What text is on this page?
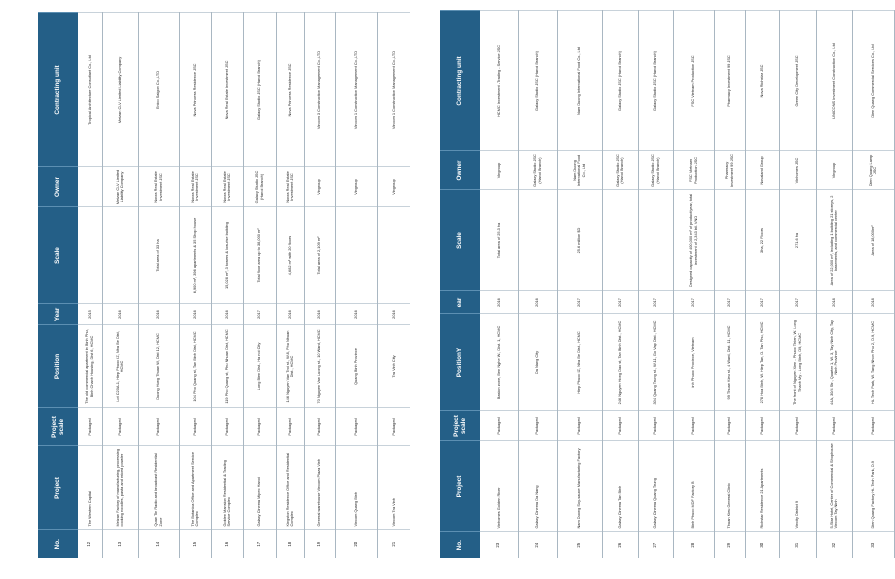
No.	Project	Project scale	Position	Year	Scale	Owner	Contracting unit
12	The Western Capital	Packaged	The old commercial apartment in Binh Phu, Binh Chanh Housing, Dist 6, HCMC	2015			Tropical Architecture Consultant Co., Ltd
13	Meizan Factory of manufacturing, processing cooking noodles, pasta and mixed powder	Packaged	Lot C20A-1, Hiep Phuoc IZ, Nha Be Dist, HCMC	2016		Meizan CLV Limited Liability Company	Meizan CLV Limited Liability Company
14	Quan Tin Radio and broadcast Residential Zone	Packaged	Duong Hung Thuan W, Dist 12, HCMC	2016	Total area of 33 ha	Novra Real Estate Investment JSC	Enico Saigon Co.,LTD
15	The Botanica Office and Apartment Service Complex	Packaged	104 Pho Quang st, Tan Binh Dist, HCMC	2016	6,900 m², 396 apartments & 35 Shop house	Novra Real Estate Investment JSC	Nova Princess Residence JSC
16	Golden Mansion Residential & Trading Service Complex	Packaged	119 Pho Quang st, Phu Nhuan Dist, HCMC	2016	15,028 m², 3 towers & low-rise building	Novra Real Estate Investment JSC	Nova Real Estate Investment JSC
17	Galaxy Cinema Mipec Hanoi	Packaged	Long Bien Dist., Ha noi City	2017	Total floor area up to 38,000 m²	Galaxy Studio JSC (Hanoi Branch)	Galaxy Studio JSC (Hanoi Branch)
18	Kingston Residence Office and Residential Complex	Packaged	146 Nguyen Van Troi st., W.8, Phu Nhuan Dist., HCMC	2016	4,682 m² with 20 floors	Novra Real Estate Investment JSC	Nova Princess Residence JSC
19	General warehouse Vincom Plaza Vinh	Packaged	70 Nguyen Van Luong st., 10 Ward, HCMC	2016	Total area of 2,109 m²	Vingroup	Vincom 3 Construction Management Co.,LTD
20	Vincom Quang Binh	Packaged	Quang Binh Province	2016		Vingroup	Vincom 1 Construction Management Co.,LTD
21	Vincom Tra Vinh	Packaged	Tra Vinh City	2016		Vingroup	Vincom 1 Construction Management Co.,LTD

No.	Project	Project scale	PositionY	ear	Scale	Owner	Contracting unit
23	Vinhomes Golden River	Packaged	Basion zone, Ben Nghe W., Dist. 1, HCMC	2016	Total area of 25.3 ha	Vingroup	HCMC Investment -Trading - Service JSC
24	Galaxy Cinema Da Nang	Packaged	Da Nang City	2016		Galaxy Studio JSC (Hanoi Branch)	Galaxy Studio JSC (Hanoi Branch)
25	Nam Duong Soy-sauce Manufacturing Factory	Packaged	Hiep Phuoc IZ, Nha Be Dist., HCMC	2017	25.6 million $D	Nam Duong International Food Co., Ltd	Nam Duong International Food Co., Ltd
26	Galaxy Cinema Tan Binh	Packaged	246 Nguyen Hong Dao st, Tan Binh Dist., HCMC	2017		Galaxy Studio JSC (Hanoi Branch)	Galaxy Studio JSC (Hanoi Branch)
27	Galaxy Cinema Quang Trung	Packaged	304 Quang Trung st., W.11, Go Vap Dist., HCMC	2017		Galaxy Studio JSC (Hanoi Branch)	Galaxy Studio JSC (Hanoi Branch)
28	Binh Phuoc MDF Factory B	Packaged	inh Phuoc Province, Vietnam	2017	Designed capacity of 400,000 m² of product/year, total investment of 2,343 bil. VND	FSC Vietnam Production JSC	FSC Vietnam Production JSC
29	Thuan Kieu General Clinic	Packaged	99 Thuan Kieu st., 4 Ward, Dist. 11, HCMC	2017		Pharmacy Investment 99 JSC	Pharmacy Investment 99 JSC
30	Richstar Residence 21 Apartments	Packaged	278 Hoa Binh, W. Hiep Tan, D. Tan Phu, HCMC	2017	3ha, 22 Floors	Novaland Group	Nova Richstar JSC
31	Vincity District 9	Packaged	The front of Nguyen Xien - Phuoc Thien, W. Long Thanh My - Long Binh, D9, HCMC	2017	271.6 ha	Vinhomes JSC	Green City Development JSC
32	5-Star Hotel, Center of Commercial & Shophouse Vincom Tay Ninh	Packaged	44A, 30/4 Str., Quarter 1, W. 3, Tay Ninh City, Tay Ninh Province	2018	Area of 22,000 m², including 1 building 21 storeys, 2 basements, and commercial center	Vingroup	UNICONS Investment Construction Co., Ltd
33	Dien Quang Factory Hi- Tech Park, D.9	Packaged	Hi- Tech Park, W. Tang Nhon Phu 2, D.9, HCMC	2018	Area of 18,000m²	Dien Quang Lamp JSC	Dien Quang Commercial Services Co., Ltd
